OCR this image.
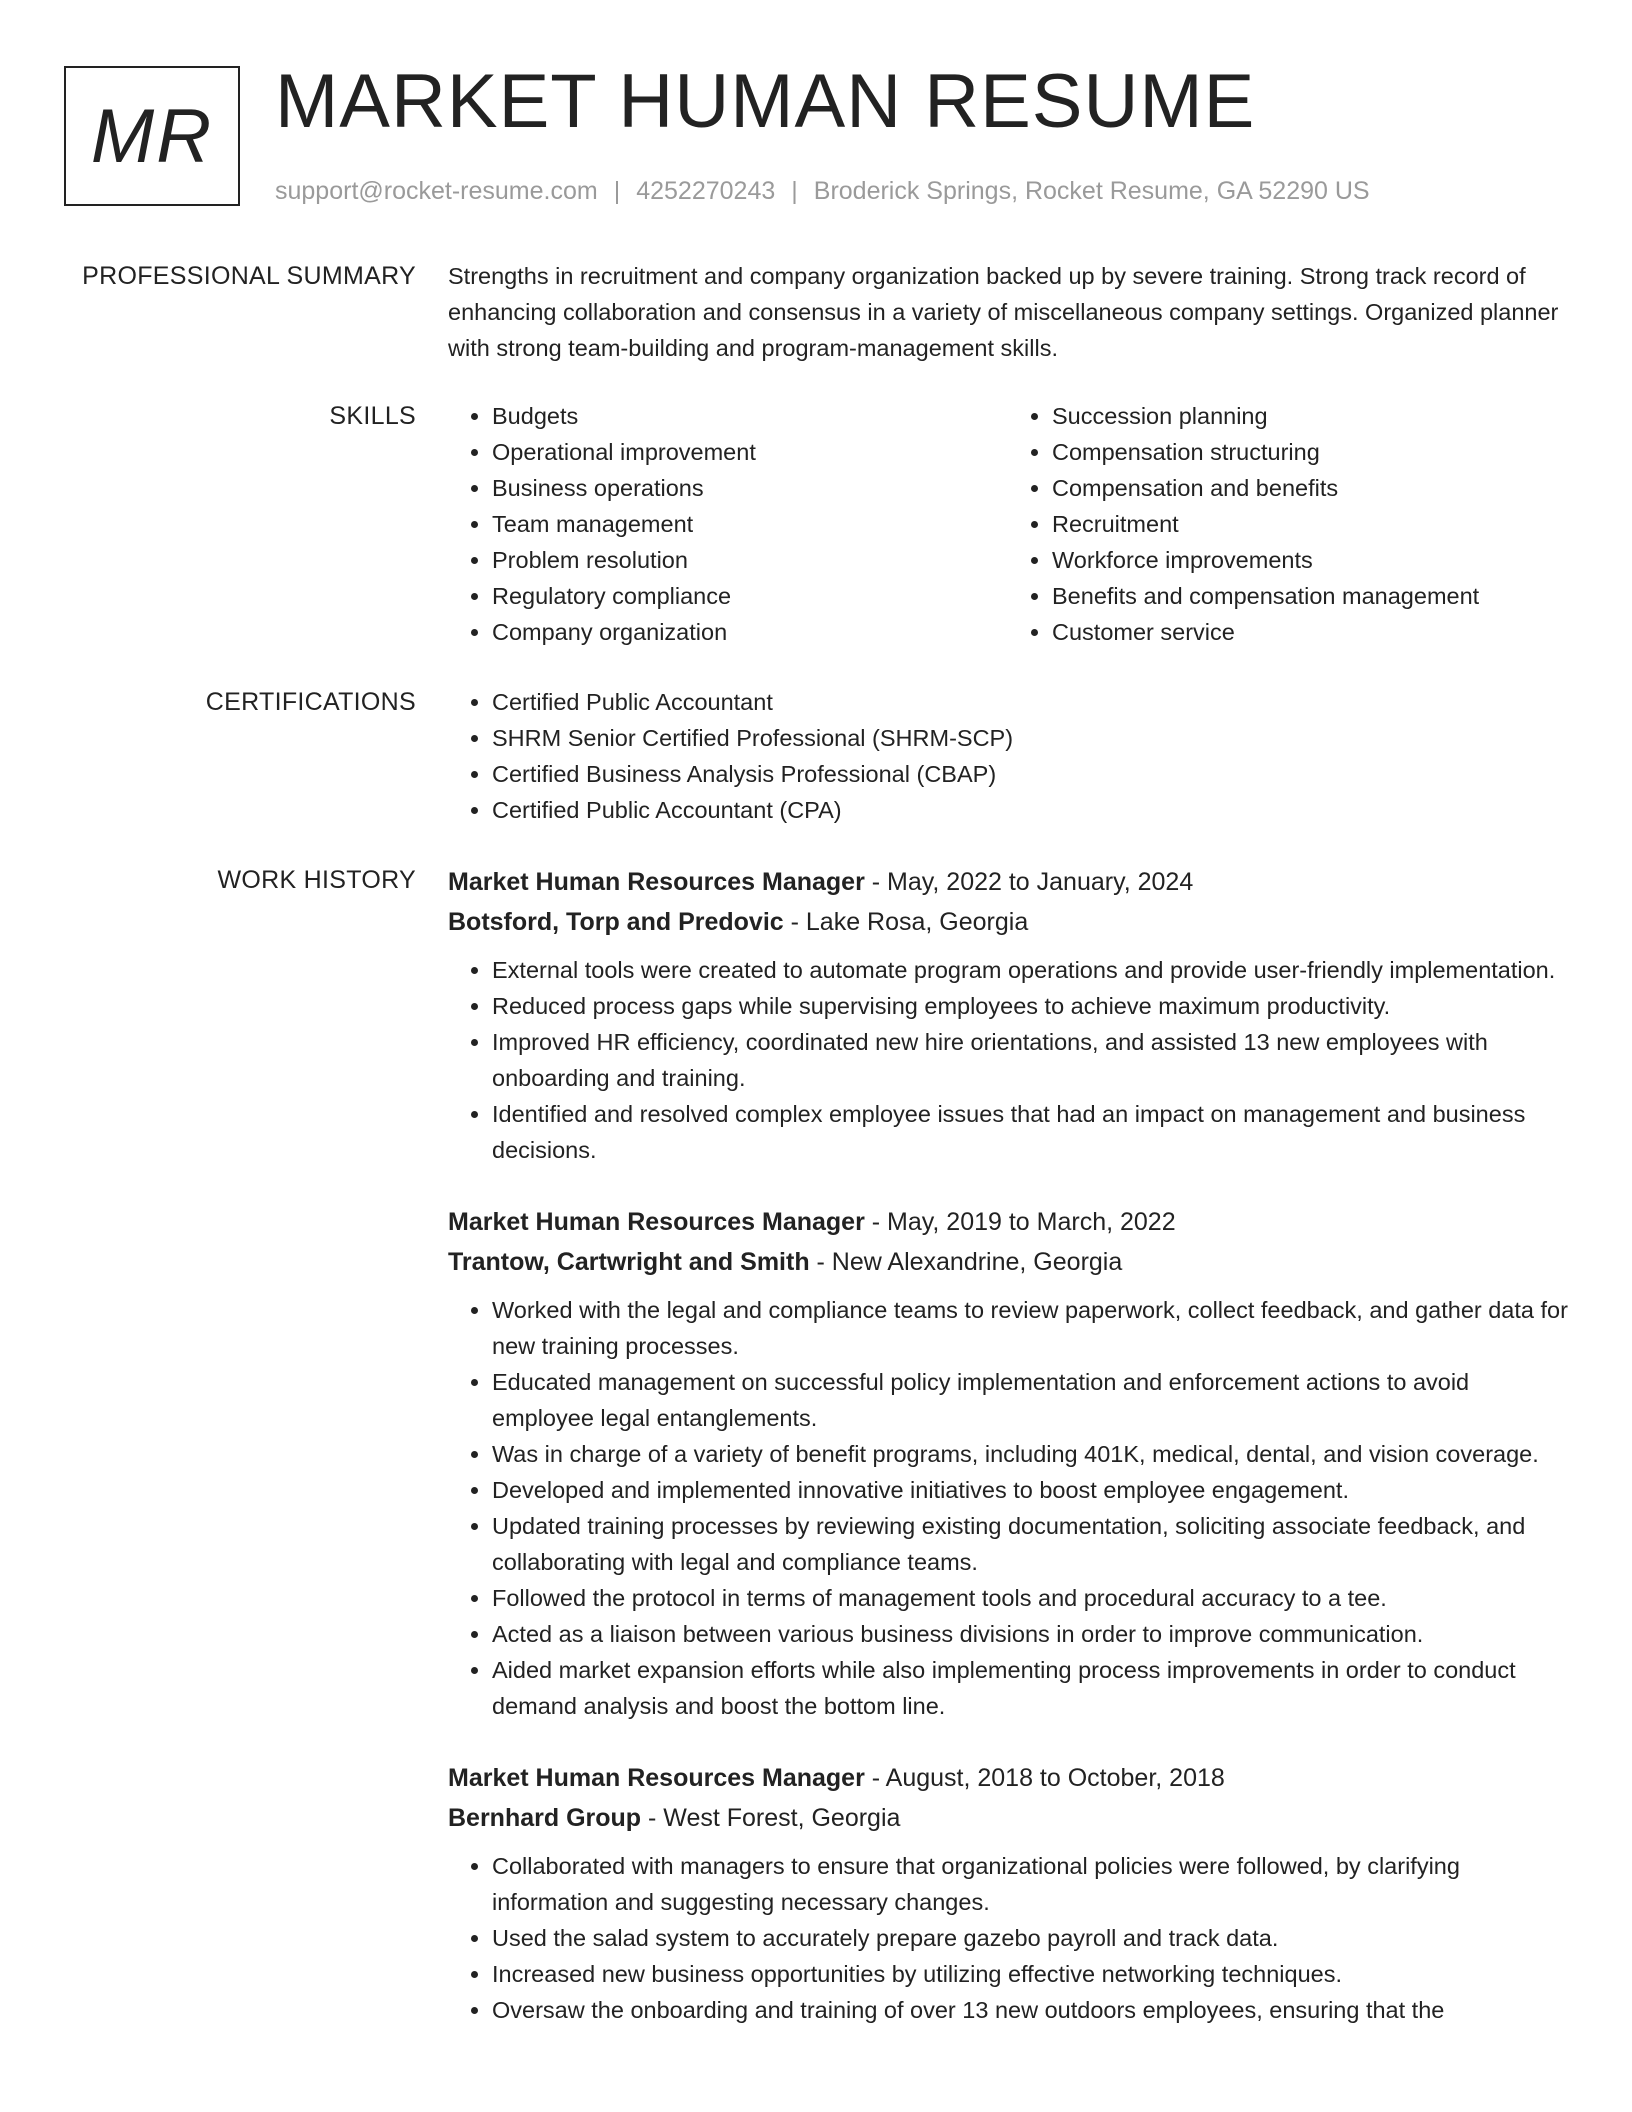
MR MARKET HUMAN RESUME
support@rocket-resume.com | 4252270243 | Broderick Springs, Rocket Resume, GA 52290 US
PROFESSIONAL SUMMARY Strengths in recruitment and company organization backed up by severe training. Strong track record of enhancing collaboration and consensus in a variety of miscellaneous company settings. Organized planner with strong team-building and program-management skills.

SKILLS	• Budgets
• Operational improvement
• Business operations
• Team management
• Problem resolution
• Regulatory compliance
• Company organization
• Succession planning
• Compensation structuring
• Compensation and benefits
• Recruitment
• Workforce improvements
• Benefits and compensation management
• Customer service
CERTIFICATIONS	• Certified Public Accountant
• SHRM Senior Certified Professional (SHRM-SCP)
• Certified Business Analysis Professional (CBAP)
• Certified Public Accountant (CPA)
WORK HISTORY Market Human Resources Manager - May, 2022 to January, 2024
Botsford, Torp and Predovic - Lake Rosa, Georgia
• External tools were created to automate program operations and provide user-friendly implementation.
• Reduced process gaps while supervising employees to achieve maximum productivity.
• Improved HR efficiency, coordinated new hire orientations, and assisted 13 new employees with onboarding and training.
• Identified and resolved complex employee issues that had an impact on management and business decisions.
Market Human Resources Manager - May, 2019 to March, 2022
Trantow, Cartwright and Smith - New Alexandrine, Georgia
• Worked with the legal and compliance teams to review paperwork, collect feedback, and gather data for new training processes.
• Educated management on successful policy implementation and enforcement actions to avoid employee legal entanglements.
• Was in charge of a variety of benefit programs, including 401K, medical, dental, and vision coverage.
• Developed and implemented innovative initiatives to boost employee engagement.
• Updated training processes by reviewing existing documentation, soliciting associate feedback, and collaborating with legal and compliance teams.
• Followed the protocol in terms of management tools and procedural accuracy to a tee.
• Acted as a liaison between various business divisions in order to improve communication.
• Aided market expansion efforts while also implementing process improvements in order to conduct demand analysis and boost the bottom line.
Market Human Resources Manager - August, 2018 to October, 2018
Bernhard Group - West Forest, Georgia
• Collaborated with managers to ensure that organizational policies were followed, by clarifying information and suggesting necessary changes.
• Used the salad system to accurately prepare gazebo payroll and track data.
• Increased new business opportunities by utilizing effective networking techniques.
• Oversaw the onboarding and training of over 13 new outdoors employees, ensuring that the
